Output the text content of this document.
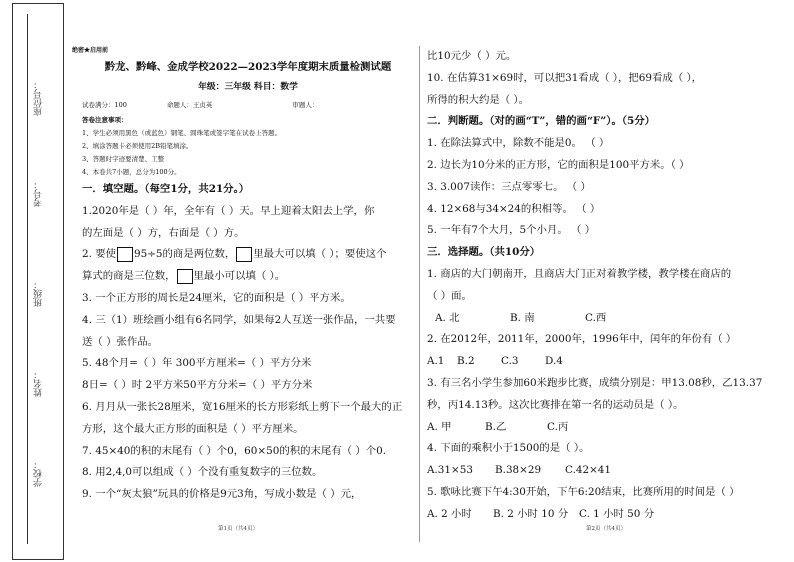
座位号：
考号：
班级：
姓名：
学校：
绝密★启用前
黔龙、黔峰、金成学校2022—2023学年度期末质量检测试题
年级：三年级 科目：数学
试卷满分：100	命题人：王贞英	审题人：
答卷注意事项：
1、学生必须用黑色（或蓝色）钢笔、圆珠笔或签字笔在试卷上答题。
2、填涂答题卡必须使用2B铅笔填涂。
3、答题时字迹要清楚、工整
4、本卷共7小题，总分为100分。
一．填空题。（每空1分，共21分。）
1.2020年是（ ）年，全年有（ ）天。早上迎着太阳去上学，你
的左面是（ ）方，右面是（ ）方。
2. 要使 95÷5的商是两位数， 里最大可以填（ ）；要使这个
算式的商是三位数， 里最小可以填（ ）。
3. 一个正方形的周长是24厘米，它的面积是（ ）平方米。
4. 三（1）班绘画小组有6名同学，如果每2人互送一张作品，一共要
送（ ）张作品。
5. 48个月=（ ）年 300平方厘米=（ ）平方分米
8日=（ ）时 2平方米50平方分米=（ ）平方分米
6. 月月从一张长28厘米，宽16厘米的长方形彩纸上剪下一个最大的正
方形，这个最大正方形的面积是（ ）平方厘米。
7. 45×40的积的末尾有（ ）个0，60×50的积的末尾有（ ）个0.
8. 用2,4,0可以组成（ ）个没有重复数字的三位数。
9. 一个“灰太狼”玩具的价格是9元3角，写成小数是（ ）元，
比10元少（ ）元。
10. 在估算31×69时，可以把31看成（ ），把69看成（ ），
所得的积大约是（ ）。
二．判断题。（对的画“T”，错的画“F”）。（5分）
1. 在除法算式中，除数不能是0。 （ ）
2. 边长为10分米的正方形，它的面积是100平方米。（ ）
3. 3.007读作：三点零零七。 （ ）
4. 12×68与34×24的积相等。 （ ）
5. 一年有7个大月，5个小月。 （ ）
三．选择题。（共10分）
1. 商店的大门朝南开，且商店大门正对着教学楼，教学楼在商店的
（ ）面。
A. 北	B. 南	C.西
2. 在2012年，2011年，2000年，1996年中，闰年的年份有（ ）
A.1	B.2	C.3	D.4
3. 有三名小学生参加60米跑步比赛，成绩分别是：甲13.08秒，乙13.37
秒，丙14.13秒。这次比赛排在第一名的运动员是（ ）。
A. 甲	B.乙	C.丙
4. 下面的乘积小于1500的是（ ）。
A.31×53	B.38×29	C.42×41
5. 歌咏比赛下午4:30开始，下午6:20结束，比赛所用的时间是（ ）
A. 2 小时	B. 2 小时 10 分	C. 1 小时 50 分
第1页（共4页）	第2页（共4页）
